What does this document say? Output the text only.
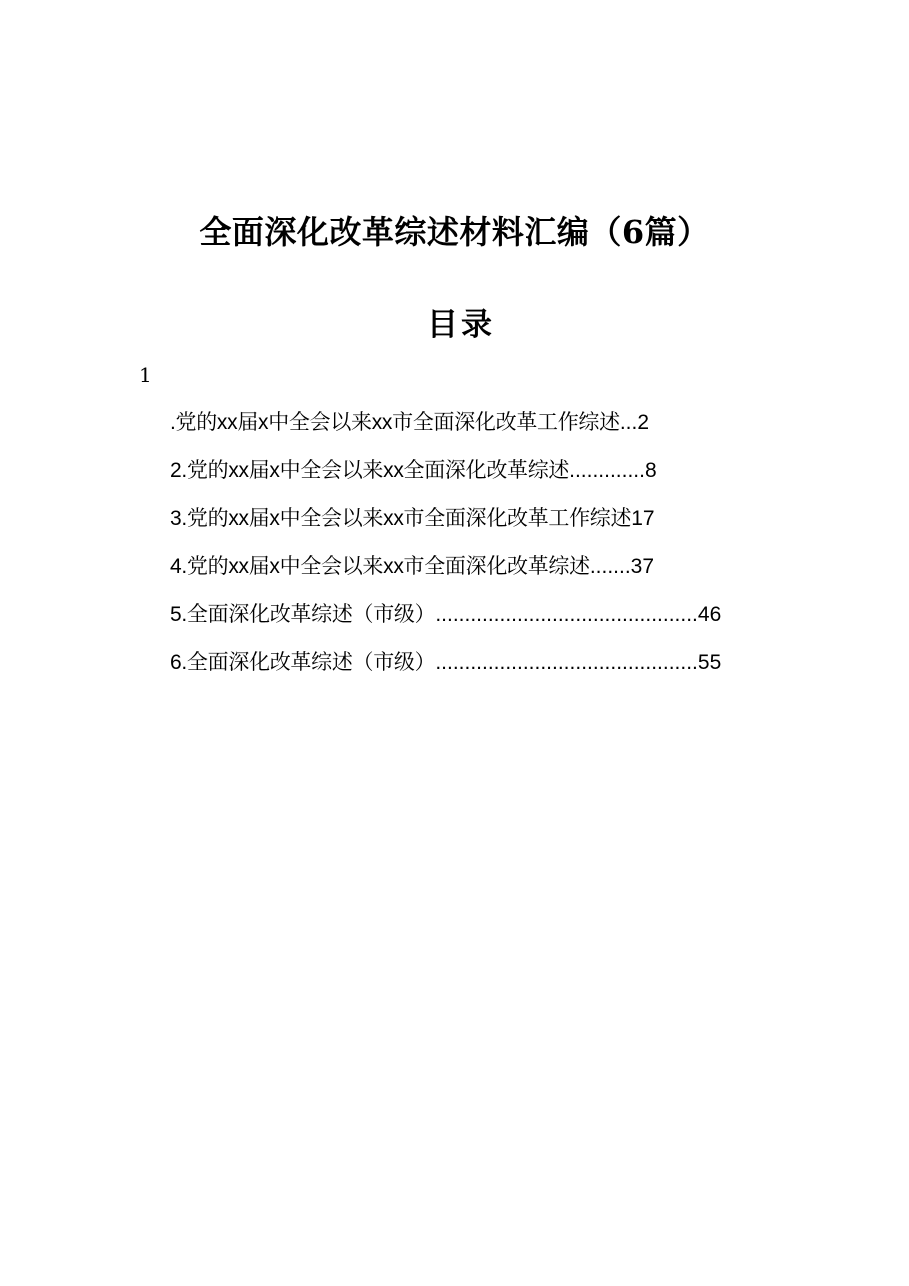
全面深化改革综述材料汇编（6篇）
目录
1
.党的xx届x中全会以来xx市全面深化改革工作综述 ... 2
2.党的xx届x中全会以来xx全面深化改革综述 ............. 8
3.党的xx届x中全会以来xx市全面深化改革工作综述 17
4.党的xx届x中全会以来xx市全面深化改革综述 ....... 37
5.全面深化改革综述（市级） ............................................. 46
6.全面深化改革综述（市级） ............................................. 55
